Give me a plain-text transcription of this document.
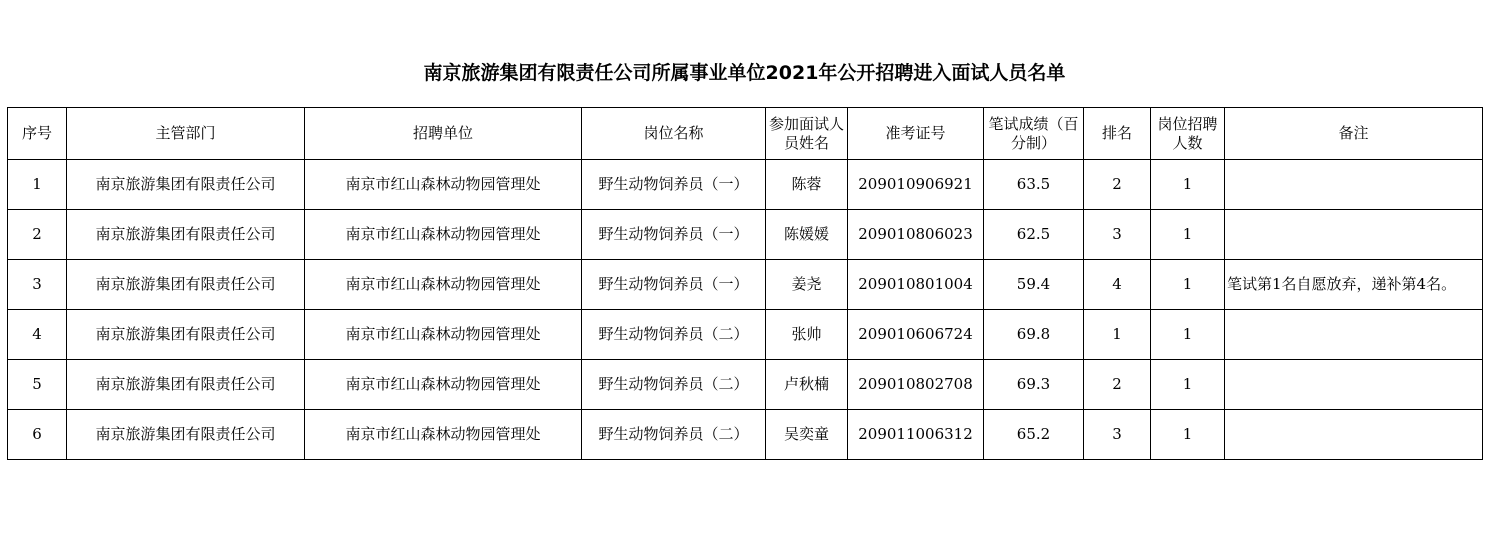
南京旅游集团有限责任公司所属事业单位2021年公开招聘进入面试人员名单
序号	主管部门	招聘单位	岗位名称	参加面试人员姓名	准考证号	笔试成绩（百分制）	排名	岗位招聘人数	备注
1	南京旅游集团有限责任公司	南京市红山森林动物园管理处	野生动物饲养员（一）	陈蓉	209010906921	63.5	2	1	
2	南京旅游集团有限责任公司	南京市红山森林动物园管理处	野生动物饲养员（一）	陈媛媛	209010806023	62.5	3	1	
3	南京旅游集团有限责任公司	南京市红山森林动物园管理处	野生动物饲养员（一）	姜尧	209010801004	59.4	4	1	笔试第1名自愿放弃，递补第4名。
4	南京旅游集团有限责任公司	南京市红山森林动物园管理处	野生动物饲养员（二）	张帅	209010606724	69.8	1	1	
5	南京旅游集团有限责任公司	南京市红山森林动物园管理处	野生动物饲养员（二）	卢秋楠	209010802708	69.3	2	1	
6	南京旅游集团有限责任公司	南京市红山森林动物园管理处	野生动物饲养员（二）	吴奕童	209011006312	65.2	3	1	
